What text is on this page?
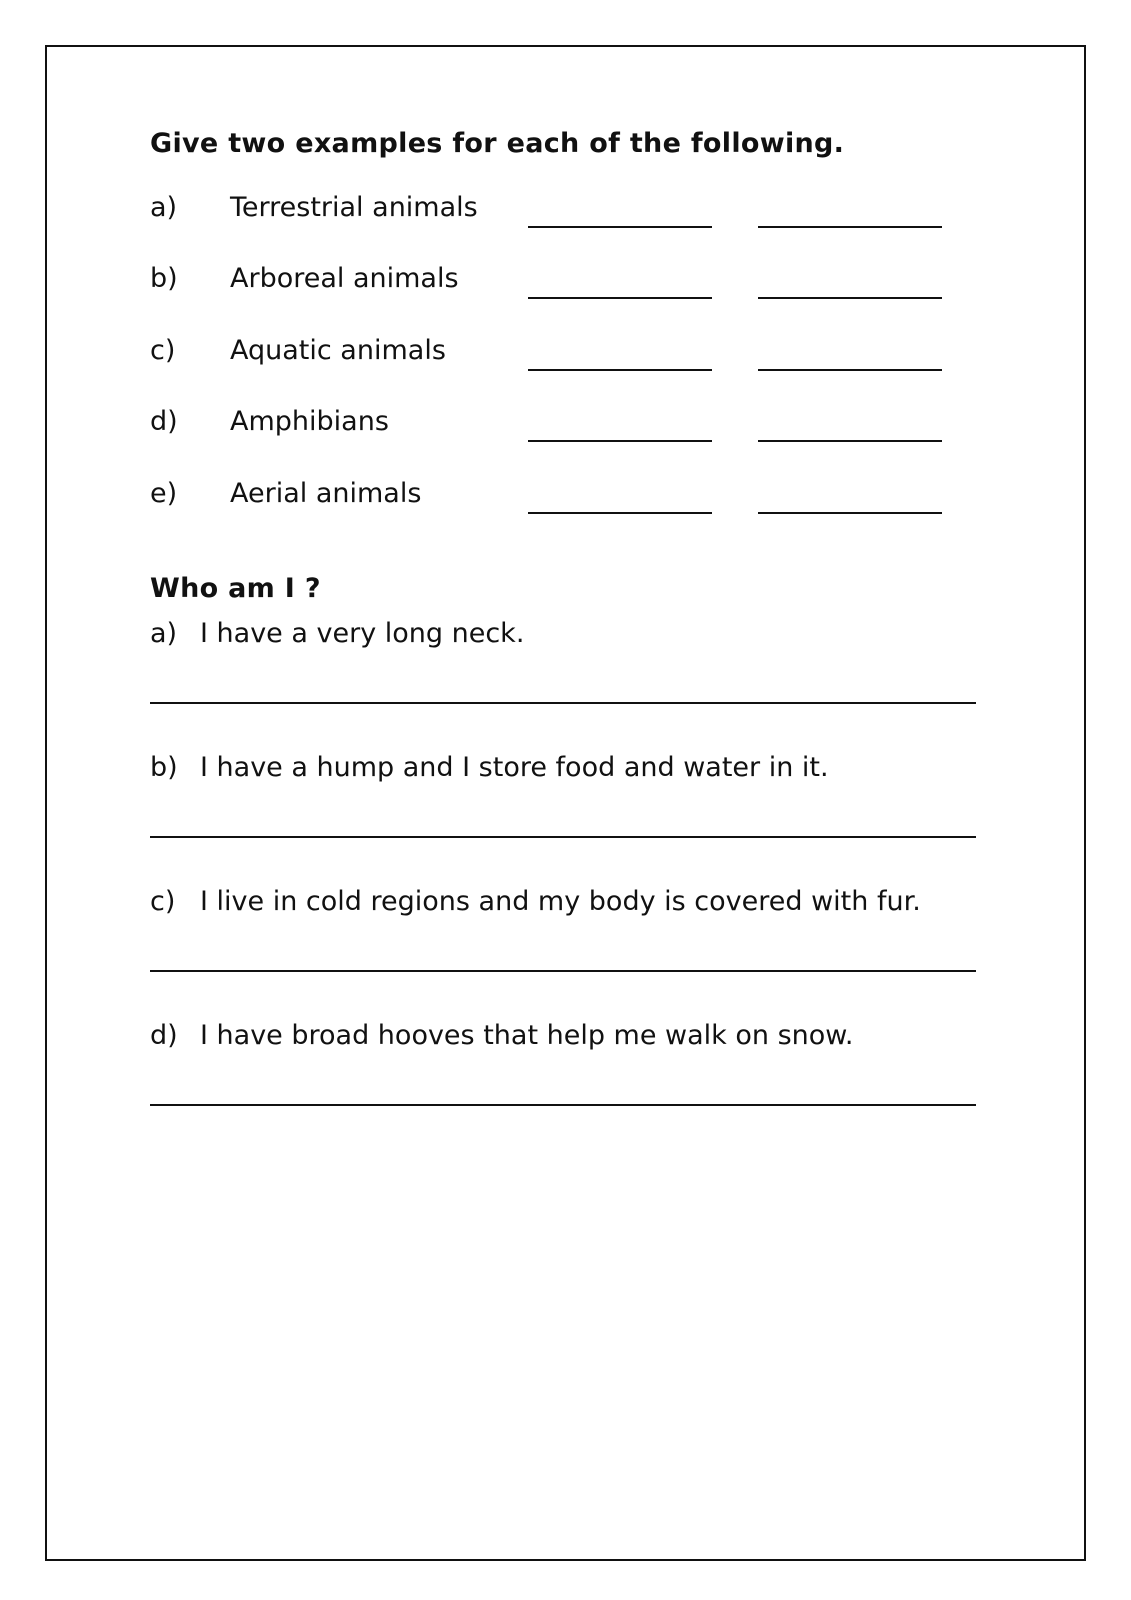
Give two examples for each of the following.
a) Terrestrial animals
b) Arboreal animals
c) Aquatic animals
d) Amphibians
e) Aerial animals
Who am I ?
a) I have a very long neck.
b) I have a hump and I store food and water in it.
c) I live in cold regions and my body is covered with fur.
d) I have broad hooves that help me walk on snow.
